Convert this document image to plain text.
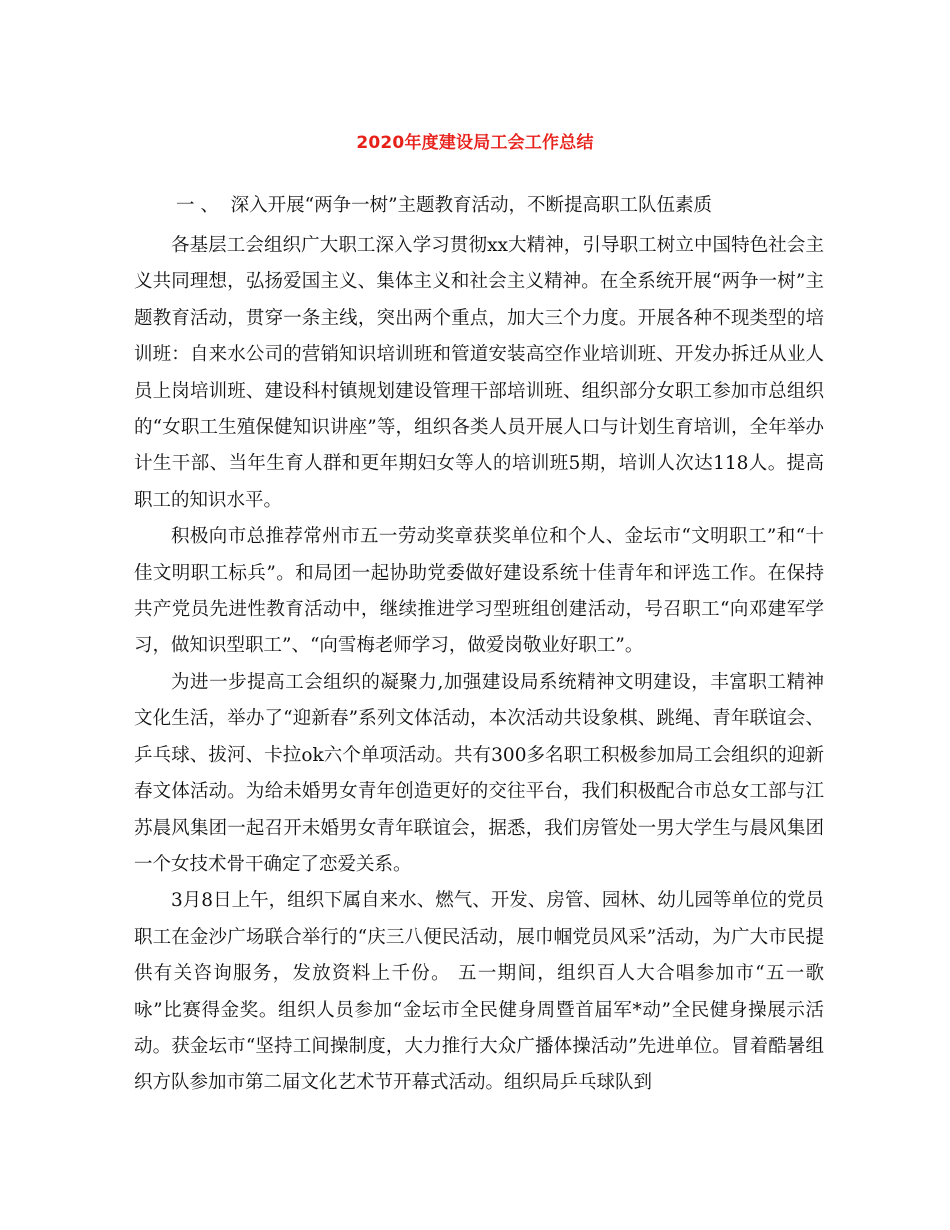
2020年度建设局工会工作总结
一 、  深入开展“两争一树”主题教育活动，不断提高职工队伍素质

各基层工会组织广大职工深入学习贯彻xx大精神，引导职工树立中国特色社会主义共同理想，弘扬爱国主义、集体主义和社会主义精神。在全系统开展“两争一树”主题教育活动，贯穿一条主线，突出两个重点，加大三个力度。开展各种不现类型的培训班：自来水公司的营销知识培训班和管道安装高空作业培训班、开发办拆迁从业人员上岗培训班、建设科村镇规划建设管理干部培训班、组织部分女职工参加市总组织的“女职工生殖保健知识讲座”等，组织各类人员开展人口与计划生育培训，全年举办计生干部、当年生育人群和更年期妇女等人的培训班5期，培训人次达118人。提高职工的知识水平。

积极向市总推荐常州市五一劳动奖章获奖单位和个人、金坛市“文明职工”和“十佳文明职工标兵”。和局团一起协助党委做好建设系统十佳青年和评选工作。在保持共产党员先进性教育活动中，继续推进学习型班组创建活动，号召职工“向邓建军学习，做知识型职工”、“向雪梅老师学习，做爱岗敬业好职工”。

为进一步提高工会组织的凝聚力,加强建设局系统精神文明建设，丰富职工精神文化生活，举办了“迎新春”系列文体活动，本次活动共设象棋、跳绳、青年联谊会、乒乓球、拔河、卡拉ok六个单项活动。共有300多名职工积极参加局工会组织的迎新春文体活动。为给未婚男女青年创造更好的交往平台，我们积极配合市总女工部与江苏晨风集团一起召开未婚男女青年联谊会，据悉，我们房管处一男大学生与晨风集团一个女技术骨干确定了恋爱关系。

3月8日上午，组织下属自来水、燃气、开发、房管、园林、幼儿园等单位的党员职工在金沙广场联合举行的“庆三八便民活动，展巾帼党员风采”活动，为广大市民提供有关咨询服务，发放资料上千份。 五一期间，组织百人大合唱参加市“五一歌咏”比赛得金奖。组织人员参加“金坛市全民健身周暨首届军*动”全民健身操展示活动。获金坛市“坚持工间操制度，大力推行大众广播体操活动”先进单位。冒着酷暑组织方队参加市第二届文化艺术节开幕式活动。组织局乒乓球队到
